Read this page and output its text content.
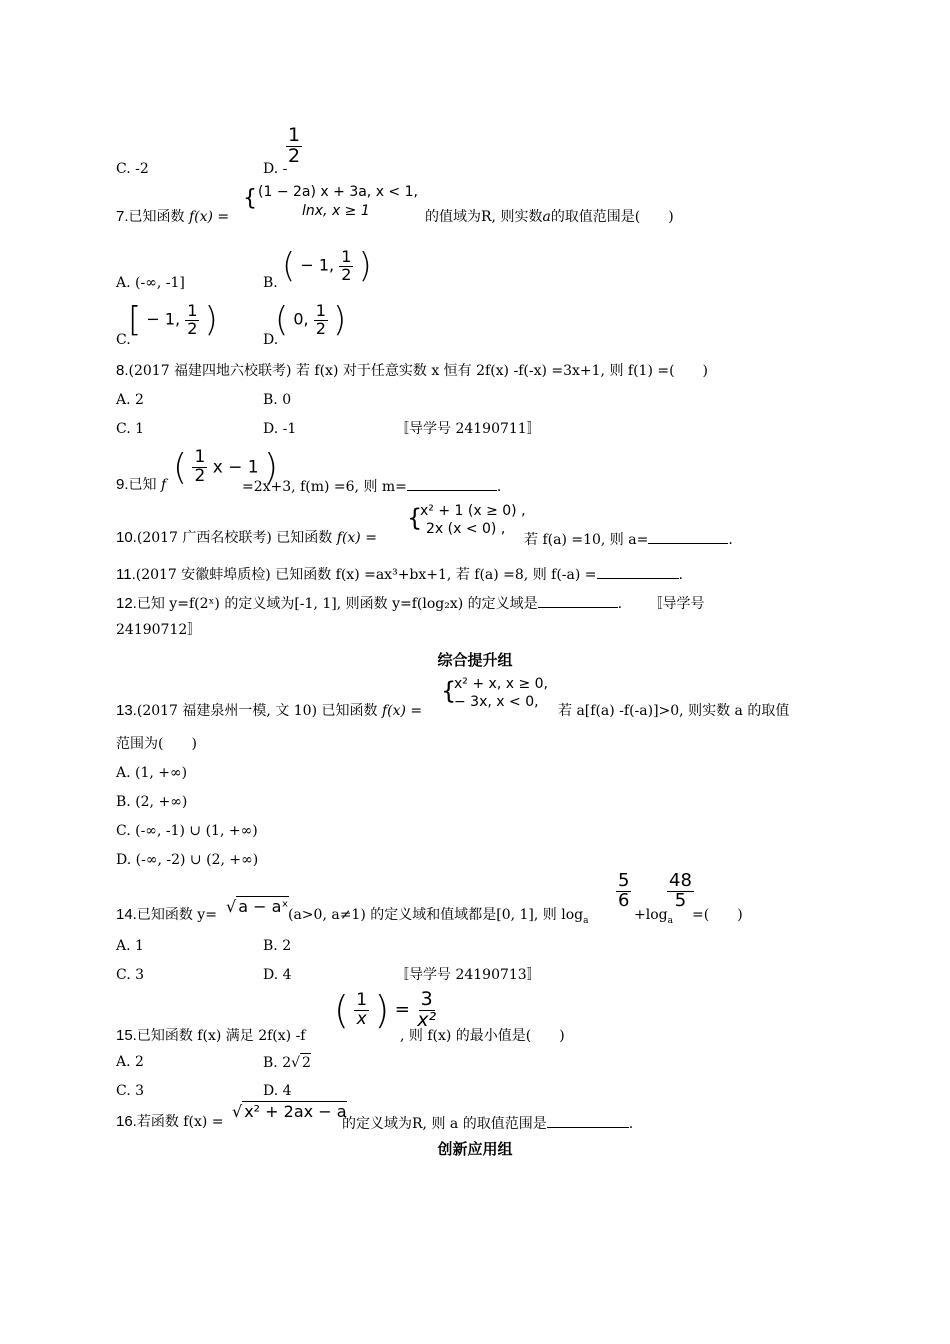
C. -2	D. -
$\frac{1}{2}$
7.已知函数 f(x) =
{ (1 − 2a) x + 3a, x < 1,
lnx, x ≥ 1	的值域为R, 则实数a的取值范围是(　　)
A. (-∞, -1]	B. ( − 1, $\frac{1}{2}$ )
C.
[ − 1, $\frac{1}{2}$ )	D.
( 0, $\frac{1}{2}$ )
8.(2017 福建四地六校联考) 若 f(x) 对于任意实数 x 恒有 2f(x) -f(-x) =3x+1, 则 f(1) =(　　)
A. 2	B. 0
C. 1	D. -1	〚导学号 24190711〛
9.已知 f ( $\frac{1}{2}$ x − 1 )
=2x+3, f(m) =6, 则 m=	.
10.(2017 广西名校联考) 已知函数 f(x) =
{
x² + 1 (x ≥ 0) ,
2x (x < 0) ,
若 f(a) =10, 则 a=	.
11.(2017 安徽蚌埠质检) 已知函数 f(x) =ax³+bx+1, 若 f(a) =8, 则 f(-a) =	.
12.已知 y=f(2ˣ) 的定义域为[-1, 1], 则函数 y=f(log₂x) 的定义域是	. 〚导学号
24190712〛
综合提升组
13.(2017 福建泉州一模, 文 10) 已知函数 f(x) =
{
x² + x, x ≥ 0,
− 3x, x < 0,
若 a[f(a) -f(-a)]>0, 则实数 a 的取值
范围为(　　)
A. (1, +∞)
B. (2, +∞)
C. (-∞, -1) ∪ (1, +∞)
D. (-∞, -2) ∪ (2, +∞)
14.已知函数 y= √ a − aˣ (a>0, a≠1) 的定义域和值域都是[0, 1], 则 $\log_a$
$\frac{5}{6}$
$+\log_a$
$\frac{48}{5}$
=(　　)
A. 1	B. 2
C. 3	D. 4	〚导学号 24190713〛
15.已知函数 f(x) 满足 2f(x) -f
( $\frac{1}{x}$ ) = $\frac{3}{\text{x²}}$
, 则 f(x) 的最小值是(　　)
A. 2	B. 2√ 2
C. 3	D. 4
16.若函数 f(x) =
√ x² + 2ax − a
的定义域为R, 则 a 的取值范围是	.
创新应用组
